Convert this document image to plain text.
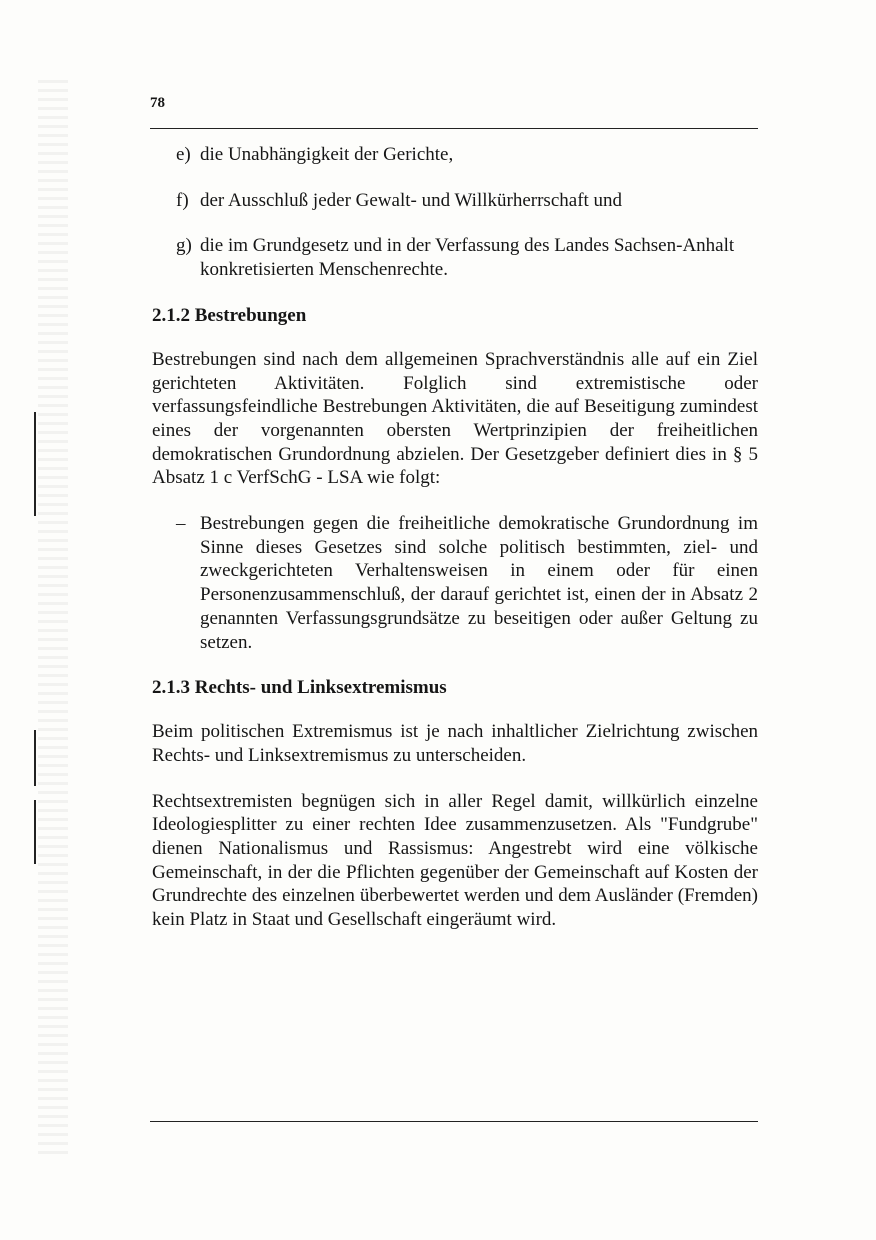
78

e) die Unabhängigkeit der Gerichte,
f) der Ausschluß jeder Gewalt- und Willkürherrschaft und
g) die im Grundgesetz und in der Verfassung des Landes Sachsen-Anhalt konkretisierten Menschenrechte.
2.1.2 Bestrebungen

Bestrebungen sind nach dem allgemeinen Sprachverständnis alle auf ein Ziel gerichteten Aktivitäten. Folglich sind extremistische oder verfassungsfeindliche Bestrebungen Aktivitäten, die auf Beseitigung zumindest eines der vorgenannten obersten Wertprinzipien der freiheitlichen demokratischen Grundordnung abzielen. Der Gesetzgeber definiert dies in § 5 Absatz 1 c VerfSchG - LSA wie folgt:

– Bestrebungen gegen die freiheitliche demokratische Grundordnung im Sinne dieses Gesetzes sind solche politisch bestimmten, ziel- und zweckgerichteten Verhaltensweisen in einem oder für einen Personenzusammenschluß, der darauf gerichtet ist, einen der in Absatz 2 genannten Verfassungsgrundsätze zu beseitigen oder außer Geltung zu setzen.
2.1.3 Rechts- und Linksextremismus

Beim politischen Extremismus ist je nach inhaltlicher Zielrichtung zwischen Rechts- und Linksextremismus zu unterscheiden.

Rechtsextremisten begnügen sich in aller Regel damit, willkürlich einzelne Ideologiesplitter zu einer rechten Idee zusammenzusetzen. Als "Fundgrube" dienen Nationalismus und Rassismus: Angestrebt wird eine völkische Gemeinschaft, in der die Pflichten gegenüber der Gemeinschaft auf Kosten der Grundrechte des einzelnen überbewertet werden und dem Ausländer (Fremden) kein Platz in Staat und Gesellschaft eingeräumt wird.
